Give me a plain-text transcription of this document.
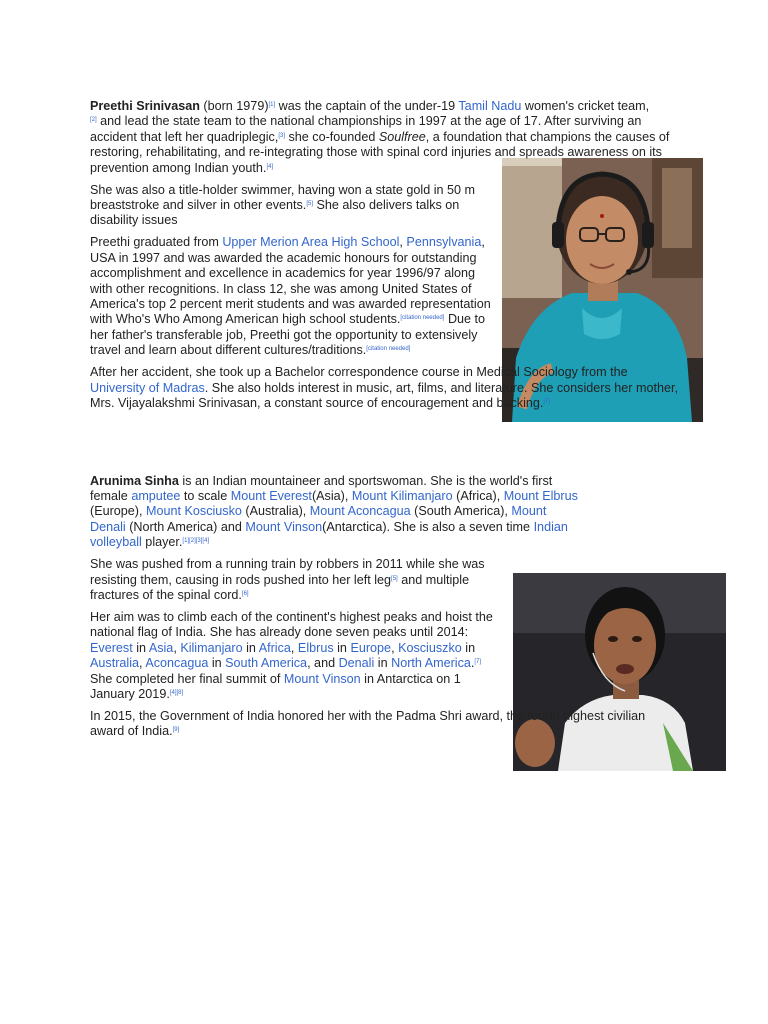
Preethi Srinivasan (born 1979)[1] was the captain of the under-19 Tamil Nadu women's cricket team,
[2] and lead the state team to the national championships in 1997 at the age of 17. After surviving an accident that left her quadriplegic,[3] she co-founded Soulfree, a foundation that champions the causes of restoring, rehabilitating, and re-integrating those with spinal cord injuries and spreads awareness on its prevention among Indian youth.[4]

She was also a title-holder swimmer, having won a state gold in 50 m breaststroke and silver in other events.[5] She also delivers talks on disability issues

Preethi graduated from Upper Merion Area High School, Pennsylvania, USA in 1997 and was awarded the academic honours for outstanding accomplishment and excellence in academics for year 1996/97 along with other recognitions. In class 12, she was among United States of America's top 2 percent merit students and was awarded representation with Who's Who Among American high school students.[citation needed] Due to her father's transferable job, Preethi got the opportunity to extensively travel and learn about different cultures/traditions.[citation needed]

After her accident, she took up a Bachelor correspondence course in Medical Sociology from the University of Madras. She also holds interest in music, art, films, and literature. She considers her mother, Mrs. Vijayalakshmi Srinivasan, a constant source of encouragement and backing.[7]

Arunima Sinha is an Indian mountaineer and sportswoman. She is the world's first female amputee to scale Mount Everest(Asia), Mount Kilimanjaro (Africa), Mount Elbrus (Europe), Mount Kosciusko (Australia), Mount Aconcagua (South America), Mount Denali (North America) and Mount Vinson(Antarctica). She is also a seven time Indian volleyball player.[1][2][3][4]

She was pushed from a running train by robbers in 2011 while she was resisting them, causing in rods pushed into her left leg[5] and multiple fractures of the spinal cord.[6]

Her aim was to climb each of the continent's highest peaks and hoist the national flag of India. She has already done seven peaks until 2014: Everest in Asia, Kilimanjaro in Africa, Elbrus in Europe, Kosciuszko in Australia, Aconcagua in South America, and Denali in North America.[7] She completed her final summit of Mount Vinson in Antarctica on 1 January 2019.[4][8]

In 2015, the Government of India honored her with the Padma Shri award, the fourth highest civilian award of India.[9]
